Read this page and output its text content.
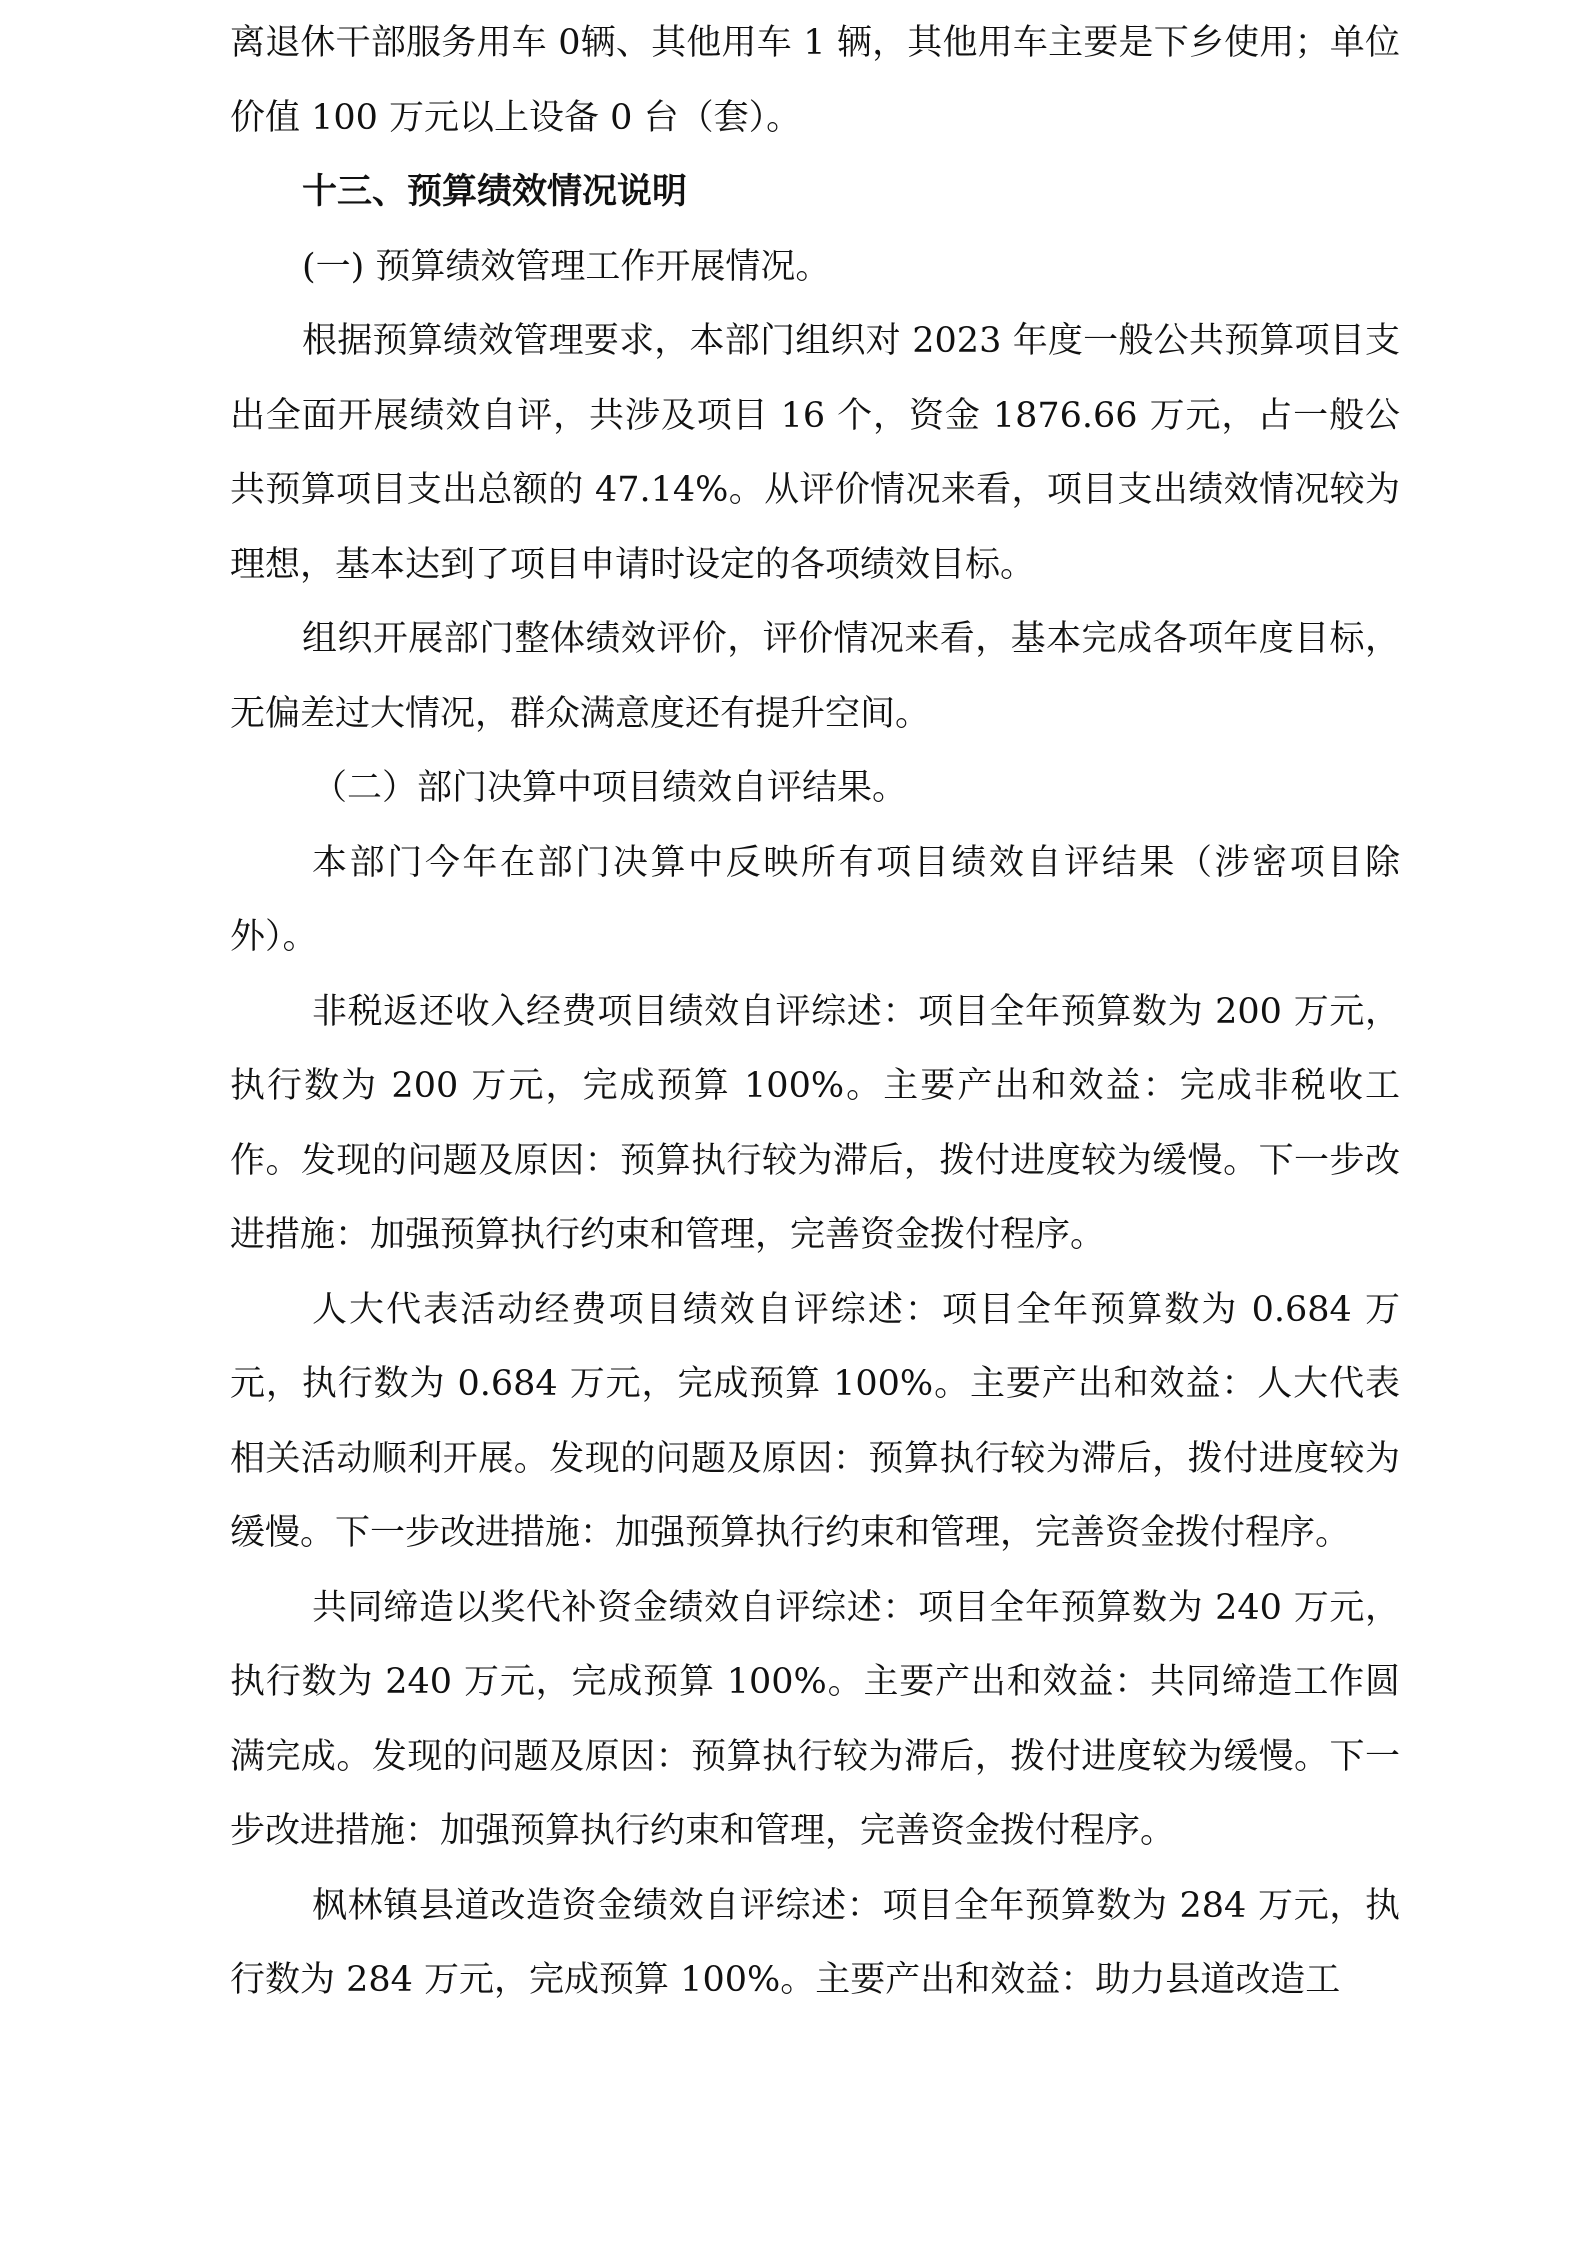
离退休干部服务用车 0辆、其他用车 1 辆，其他用车主要是下乡使用；单位价值 100 万元以上设备 0 台（套）。

十三、预算绩效情况说明

(一) 预算绩效管理工作开展情况。

根据预算绩效管理要求，本部门组织对 2023 年度一般公共预算项目支出全面开展绩效自评，共涉及项目 16 个，资金 1876.66 万元，占一般公共预算项目支出总额的 47.14%。从评价情况来看，项目支出绩效情况较为理想，基本达到了项目申请时设定的各项绩效目标。

组织开展部门整体绩效评价，评价情况来看，基本完成各项年度目标，无偏差过大情况，群众满意度还有提升空间。

（二）部门决算中项目绩效自评结果。

本部门今年在部门决算中反映所有项目绩效自评结果（涉密项目除外）。

非税返还收入经费项目绩效自评综述：项目全年预算数为 200 万元，执行数为 200 万元，完成预算 100%。主要产出和效益：完成非税收工作。发现的问题及原因：预算执行较为滞后，拨付进度较为缓慢。下一步改进措施：加强预算执行约束和管理，完善资金拨付程序。

人大代表活动经费项目绩效自评综述：项目全年预算数为 0.684 万元，执行数为 0.684 万元，完成预算 100%。主要产出和效益：人大代表相关活动顺利开展。发现的问题及原因：预算执行较为滞后，拨付进度较为缓慢。下一步改进措施：加强预算执行约束和管理，完善资金拨付程序。

共同缔造以奖代补资金绩效自评综述：项目全年预算数为 240 万元，执行数为 240 万元，完成预算 100%。主要产出和效益：共同缔造工作圆满完成。发现的问题及原因：预算执行较为滞后，拨付进度较为缓慢。下一步改进措施：加强预算执行约束和管理，完善资金拨付程序。

枫林镇县道改造资金绩效自评综述：项目全年预算数为 284 万元，执行数为 284 万元，完成预算 100%。主要产出和效益：助力县道改造工
